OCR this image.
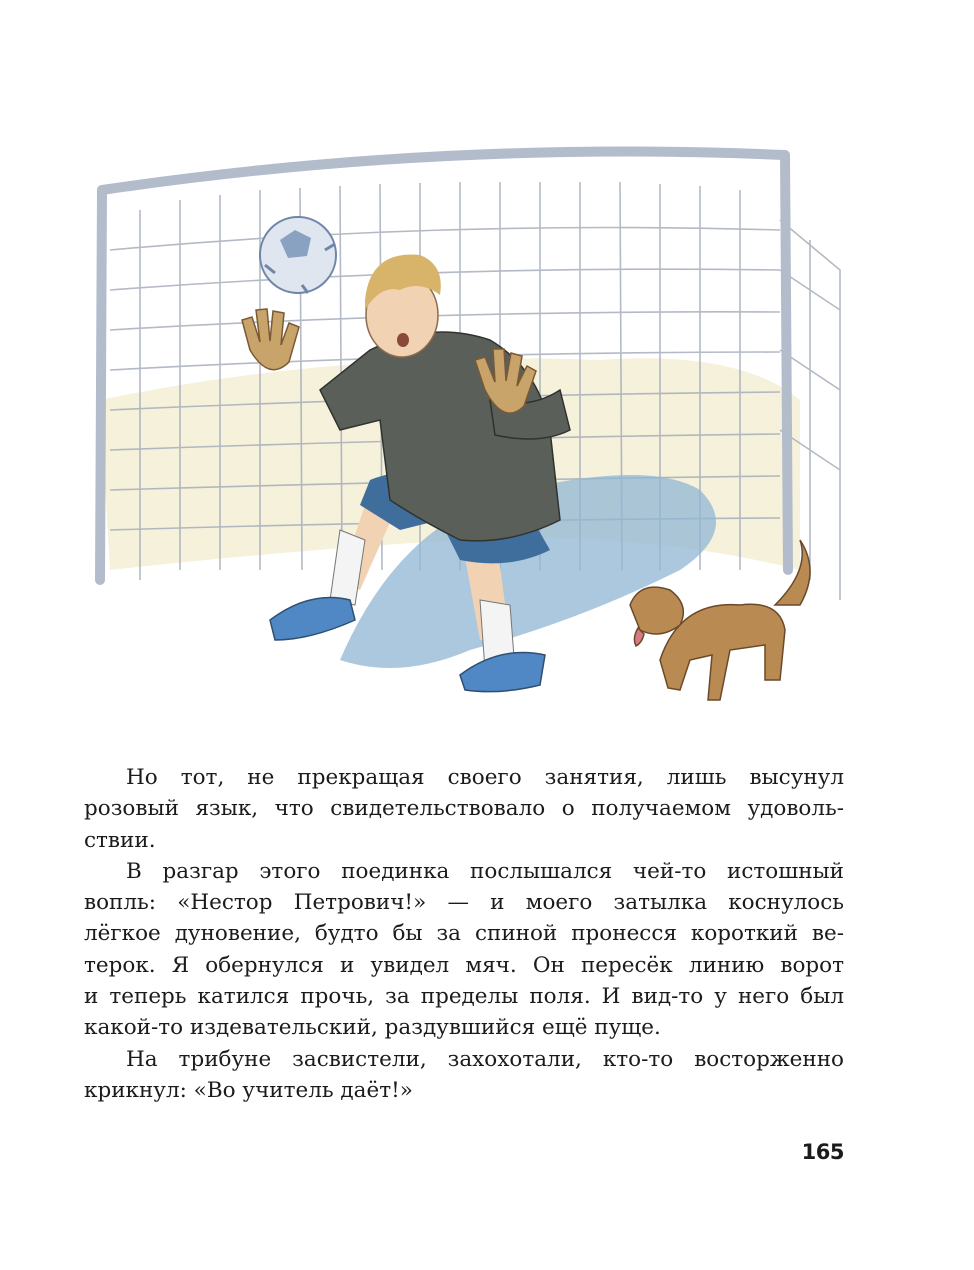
Но тот, не прекращая своего занятия, лишь высунул
розовый язык, что свидетельствовало о получаемом удоволь-
ствии.
В разгар этого поединка послышался чей-то истошный
вопль: «Нестор Петрович!» — и моего затылка коснулось
лёгкое дуновение, будто бы за спиной пронесся короткий ве-
терок. Я обернулся и увидел мяч. Он пересёк линию ворот
и теперь катился прочь, за пределы поля. И вид-то у него был
какой-то издевательский, раздувшийся ещё пуще.
На трибуне засвистели, захохотали, кто-то восторженно
крикнул: «Во учитель даёт!»
165
